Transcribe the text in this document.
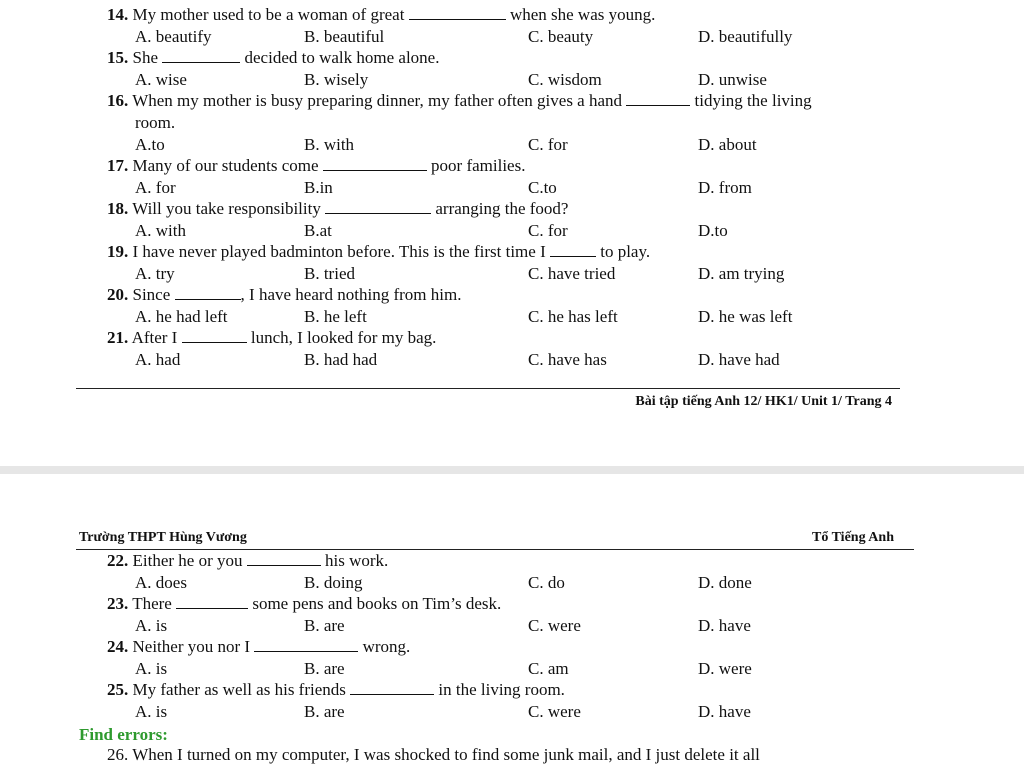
14. My mother used to be a woman of great	when she was young.
A. beautify	B. beautiful	C. beauty	D. beautifully
15. She	decided to walk home alone.
A. wise	B. wisely	C. wisdom	D. unwise
16. When my mother is busy preparing dinner, my father often gives a hand	tidying the living
room.
A.to	B. with	C. for	D. about
17. Many of our students come	poor families.
A. for	B.in	C.to	D. from
18. Will you take responsibility	arranging the food?
A. with	B.at	C. for	D.to
19. I have never played badminton before. This is the first time I	to play.
A. try	B. tried	C. have tried	D. am trying
20. Since	, I have heard nothing from him.
A. he had left	B. he left	C. he has left	D. he was left
21. After I	lunch, I looked for my bag.
A. had	B. had had	C. have has	D. have had
22. Either he or you	his work.
A. does	B. doing	C. do	D. done
23. There	some pens and books on Tim’s desk.
A. is	B. are	C. were	D. have
24. Neither you nor I	wrong.
A. is	B. are	C. am	D. were
25. My father as well as his friends	in the living room.
A. is	B. are	C. were	D. have
Bài tập tiếng Anh 12/ HK1/ Unit 1/ Trang 4
Trường THPT Hùng Vương	Tổ Tiếng Anh
Find errors:
26. When I turned on my computer, I was shocked to find some junk mail, and I just delete it all
